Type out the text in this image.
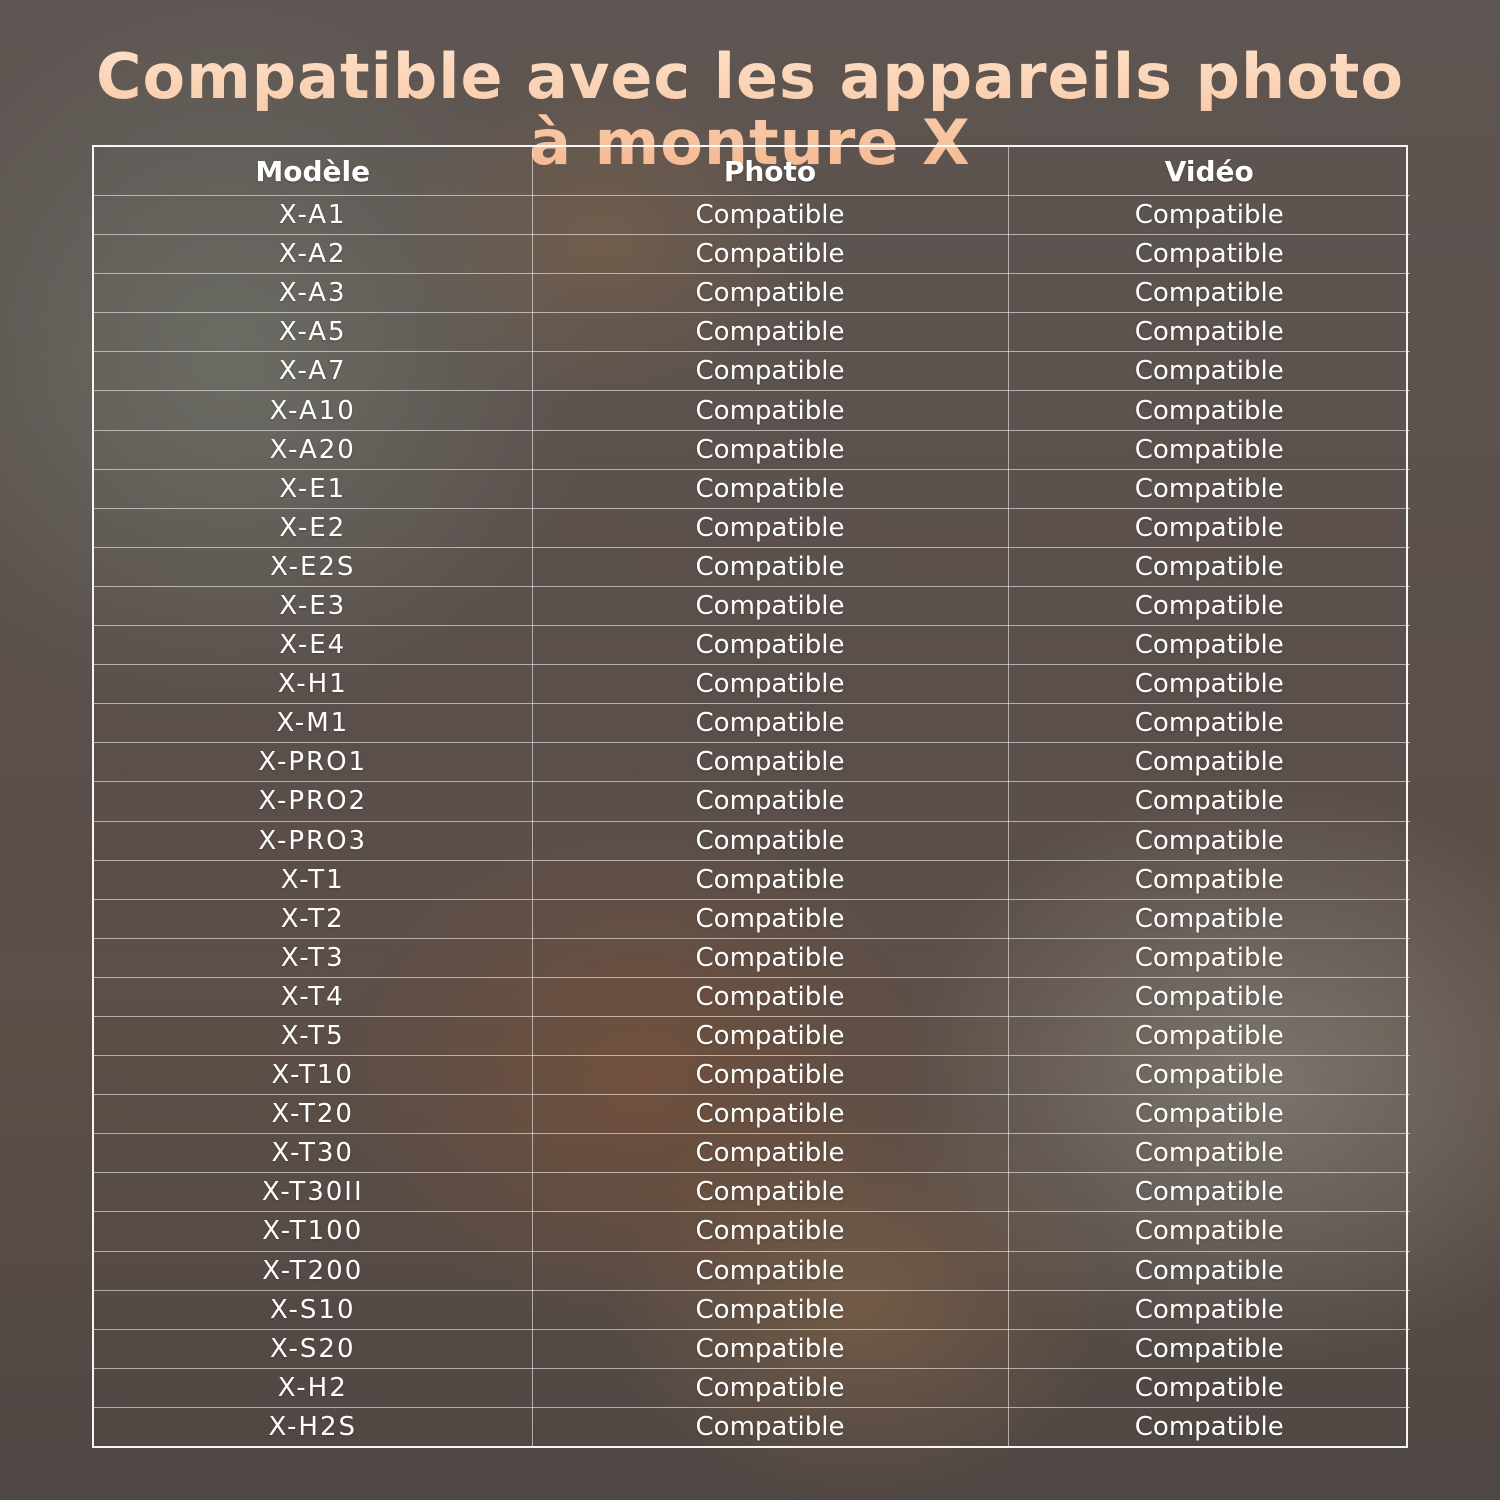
Compatible avec les appareils photo
à monture X
Modèle	Photo	Vidéo
X-A1	Compatible	Compatible
X-A2	Compatible	Compatible
X-A3	Compatible	Compatible
X-A5	Compatible	Compatible
X-A7	Compatible	Compatible
X-A10	Compatible	Compatible
X-A20	Compatible	Compatible
X-E1	Compatible	Compatible
X-E2	Compatible	Compatible
X-E2S	Compatible	Compatible
X-E3	Compatible	Compatible
X-E4	Compatible	Compatible
X-H1	Compatible	Compatible
X-M1	Compatible	Compatible
X-PRO1	Compatible	Compatible
X-PRO2	Compatible	Compatible
X-PRO3	Compatible	Compatible
X-T1	Compatible	Compatible
X-T2	Compatible	Compatible
X-T3	Compatible	Compatible
X-T4	Compatible	Compatible
X-T5	Compatible	Compatible
X-T10	Compatible	Compatible
X-T20	Compatible	Compatible
X-T30	Compatible	Compatible
X-T30II	Compatible	Compatible
X-T100	Compatible	Compatible
X-T200	Compatible	Compatible
X-S10	Compatible	Compatible
X-S20	Compatible	Compatible
X-H2	Compatible	Compatible
X-H2S	Compatible	Compatible
